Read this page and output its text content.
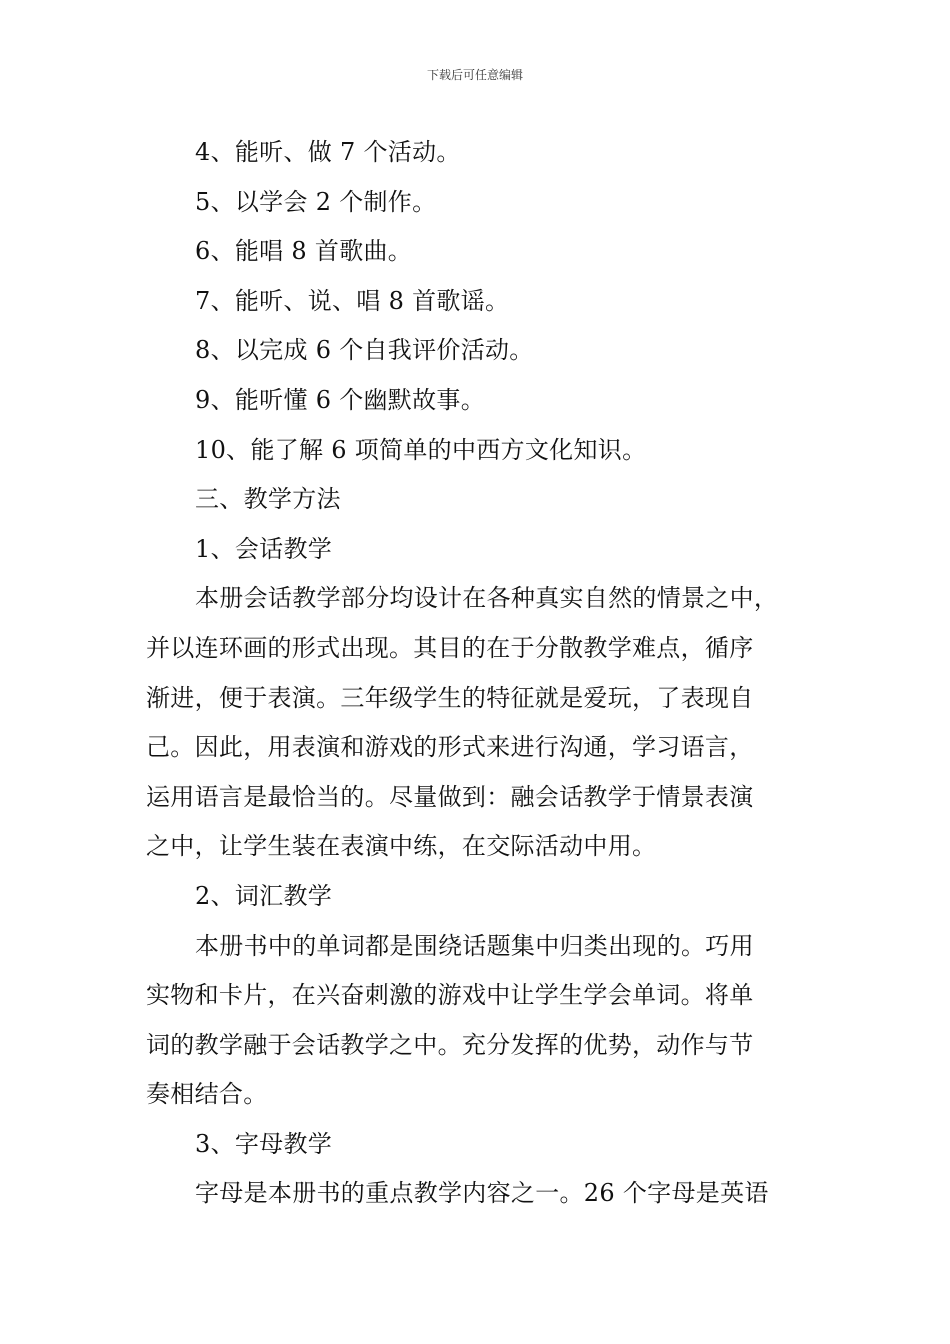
下载后可任意编辑

4、能听、做 7 个活动。

5、以学会 2 个制作。

6、能唱 8 首歌曲。

7、能听、说、唱 8 首歌谣。

8、以完成 6 个自我评价活动。

9、能听懂 6 个幽默故事。

10、能了解 6 项简单的中西方文化知识。

三、教学方法

1、会话教学

本册会话教学部分均设计在各种真实自然的情景之中，

并以连环画的形式出现。其目的在于分散教学难点，循序

渐进，便于表演。三年级学生的特征就是爱玩，了表现自

己。因此，用表演和游戏的形式来进行沟通，学习语言，

运用语言是最恰当的。尽量做到：融会话教学于情景表演

之中，让学生装在表演中练，在交际活动中用。

2、词汇教学

本册书中的单词都是围绕话题集中归类出现的。巧用

实物和卡片，在兴奋刺激的游戏中让学生学会单词。将单

词的教学融于会话教学之中。充分发挥的优势，动作与节

奏相结合。

3、字母教学

字母是本册书的重点教学内容之一。26 个字母是英语
